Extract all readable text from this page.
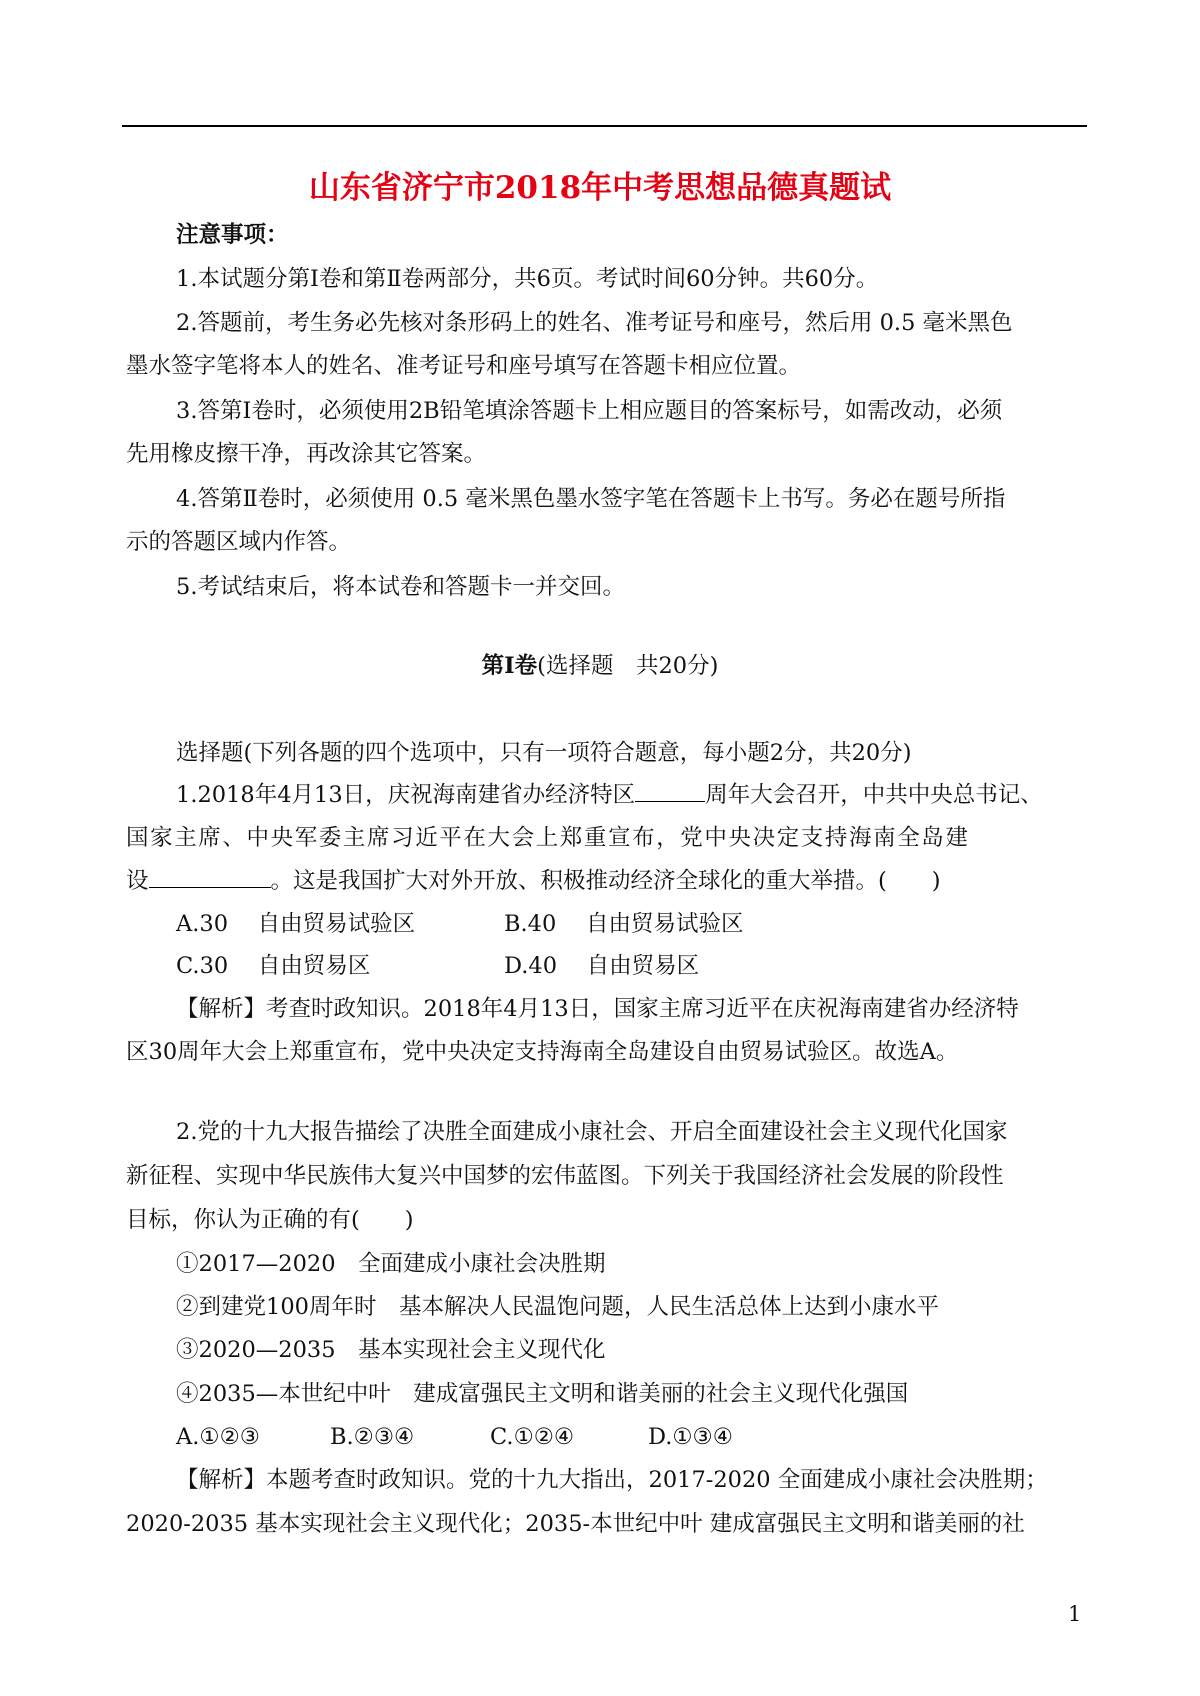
山东省济宁市2018年中考思想品德真题试
注意事项：
1.本试题分第Ⅰ卷和第Ⅱ卷两部分，共6页。考试时间60分钟。共60分。
2.答题前，考生务必先核对条形码上的姓名、准考证号和座号，然后用 0.5 毫米黑色
墨水签字笔将本人的姓名、准考证号和座号填写在答题卡相应位置。
3.答第Ⅰ卷时，必须使用2B铅笔填涂答题卡上相应题目的答案标号，如需改动，必须
先用橡皮擦干净，再改涂其它答案。
4.答第Ⅱ卷时，必须使用 0.5 毫米黑色墨水签字笔在答题卡上书写。务必在题号所指
示的答题区域内作答。
5.考试结束后，将本试卷和答题卡一并交回。
第Ⅰ卷(选择题　共20分)
选择题(下列各题的四个选项中，只有一项符合题意，每小题2分，共20分)
1.2018年4月13日，庆祝海南建省办经济特区	周年大会召开，中共中央总书记、
国家主席、中央军委主席习近平在大会上郑重宣布，党中央决定支持海南全岛建
设	。这是我国扩大对外开放、积极推动经济全球化的重大举措。(　　)
A.30　 自由贸易试验区	B.40　 自由贸易试验区
C.30　 自由贸易区	D.40　 自由贸易区
【解析】考查时政知识。2018年4月13日，国家主席习近平在庆祝海南建省办经济特
区30周年大会上郑重宣布，党中央决定支持海南全岛建设自由贸易试验区。故选A。
2.党的十九大报告描绘了决胜全面建成小康社会、开启全面建设社会主义现代化国家
新征程、实现中华民族伟大复兴中国梦的宏伟蓝图。下列关于我国经济社会发展的阶段性
目标，你认为正确的有(　　)
①2017—2020　全面建成小康社会决胜期
②到建党100周年时　基本解决人民温饱问题，人民生活总体上达到小康水平
③2020—2035　基本实现社会主义现代化
④2035—本世纪中叶　建成富强民主文明和谐美丽的社会主义现代化强国
A.①②③	B.②③④	C.①②④	D.①③④
【解析】本题考查时政知识。党的十九大指出，2017-2020 全面建成小康社会决胜期；
2020-2035 基本实现社会主义现代化；2035-本世纪中叶 建成富强民主文明和谐美丽的社
1
